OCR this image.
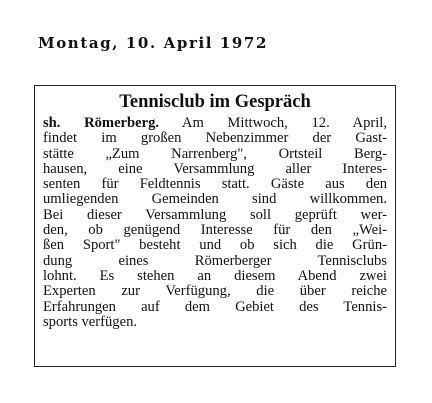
Montag, 10. April 1972
Tennisclub im Gespräch
sh. Römerberg. Am Mittwoch, 12. April,
findet im großen Nebenzimmer der Gast-
stätte „Zum Narrenberg", Ortsteil Berg-
hausen, eine Versammlung aller Interes-
senten für Feldtennis statt. Gäste aus den
umliegenden Gemeinden sind willkommen.
Bei dieser Versammlung soll geprüft wer-
den, ob genügend Interesse für den „Wei-
ßen Sport" besteht und ob sich die Grün-
dung eines Römerberger Tennisclubs
lohnt. Es stehen an diesem Abend zwei
Experten zur Verfügung, die über reiche
Erfahrungen auf dem Gebiet des Tennis-
sports verfügen.
